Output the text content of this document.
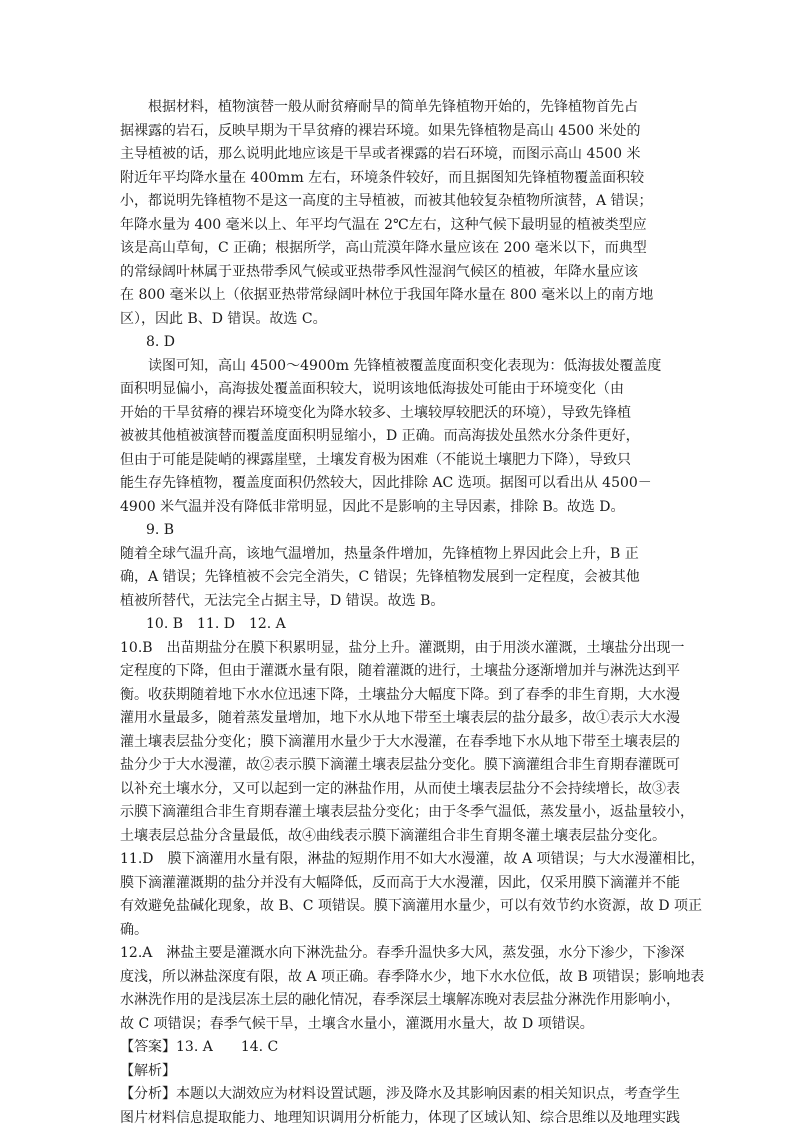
根据材料，植物演替一般从耐贫瘠耐旱的简单先锋植物开始的，先锋植物首先占
据裸露的岩石，反映早期为干旱贫瘠的裸岩环境。如果先锋植物是高山 4500 米处的
主导植被的话，那么说明此地应该是干旱或者裸露的岩石环境，而图示高山 4500 米
附近年平均降水量在 400mm 左右，环境条件较好，而且据图知先锋植物覆盖面积较
小，都说明先锋植物不是这一高度的主导植被，而被其他较复杂植物所演替，A 错误；
年降水量为 400 毫米以上、年平均气温在 2℃左右，这种气候下最明显的植被类型应
该是高山草甸，C 正确；根据所学，高山荒漠年降水量应该在 200 毫米以下，而典型
的常绿阔叶林属于亚热带季风气候或亚热带季风性湿润气候区的植被，年降水量应该
在 800 毫米以上（依据亚热带常绿阔叶林位于我国年降水量在 800 毫米以上的南方地
区），因此 B、D 错误。故选 C。
8. D
读图可知，高山 4500～4900m 先锋植被覆盖度面积变化表现为：低海拔处覆盖度
面积明显偏小，高海拔处覆盖面积较大，说明该地低海拔处可能由于环境变化（由
开始的干旱贫瘠的裸岩环境变化为降水较多、土壤较厚较肥沃的环境），导致先锋植
被被其他植被演替而覆盖度面积明显缩小，D 正确。而高海拔处虽然水分条件更好，
但由于可能是陡峭的裸露崖壁，土壤发育极为困难（不能说土壤肥力下降），导致只
能生存先锋植物，覆盖度面积仍然较大，因此排除 AC 选项。据图可以看出从 4500－
4900 米气温并没有降低非常明显，因此不是影响的主导因素，排除 B。故选 D。
9. B
随着全球气温升高，该地气温增加，热量条件增加，先锋植物上界因此会上升，B 正
确，A 错误；先锋植被不会完全消失，C 错误；先锋植物发展到一定程度，会被其他
植被所替代，无法完全占据主导，D 错误。故选 B。
10. B　11. D　12. A
10.B　出苗期盐分在膜下积累明显，盐分上升。灌溉期，由于用淡水灌溉，土壤盐分出现一
定程度的下降，但由于灌溉水量有限，随着灌溉的进行，土壤盐分逐渐增加并与淋洗达到平
衡。收获期随着地下水水位迅速下降，土壤盐分大幅度下降。到了春季的非生育期，大水漫
灌用水量最多，随着蒸发量增加，地下水从地下带至土壤表层的盐分最多，故①表示大水漫
灌土壤表层盐分变化；膜下滴灌用水量少于大水漫灌，在春季地下水从地下带至土壤表层的
盐分少于大水漫灌，故②表示膜下滴灌土壤表层盐分变化。膜下滴灌组合非生育期春灌既可
以补充土壤水分，又可以起到一定的淋盐作用，从而使土壤表层盐分不会持续增长，故③表
示膜下滴灌组合非生育期春灌土壤表层盐分变化；由于冬季气温低，蒸发量小，返盐量较小，
土壤表层总盐分含量最低，故④曲线表示膜下滴灌组合非生育期冬灌土壤表层盐分变化。
11.D　膜下滴灌用水量有限，淋盐的短期作用不如大水漫灌，故 A 项错误；与大水漫灌相比，
膜下滴灌灌溉期的盐分并没有大幅降低，反而高于大水漫灌，因此，仅采用膜下滴灌并不能
有效避免盐碱化现象，故 B、C 项错误。膜下滴灌用水量少，可以有效节约水资源，故 D 项正
确。
12.A　淋盐主要是灌溉水向下淋洗盐分。春季升温快多大风，蒸发强，水分下渗少，下渗深
度浅，所以淋盐深度有限，故 A 项正确。春季降水少，地下水水位低，故 B 项错误；影响地表
水淋洗作用的是浅层冻土层的融化情况，春季深层土壤解冻晚对表层盐分淋洗作用影响小，
故 C 项错误；春季气候干旱，土壤含水量小，灌溉用水量大，故 D 项错误。
【答案】13. A　　14. C
【解析】
【分析】本题以大湖效应为材料设置试题，涉及降水及其影响因素的相关知识点，考查学生
图片材料信息提取能力、地理知识调用分析能力，体现了区域认知、综合思维以及地理实践
